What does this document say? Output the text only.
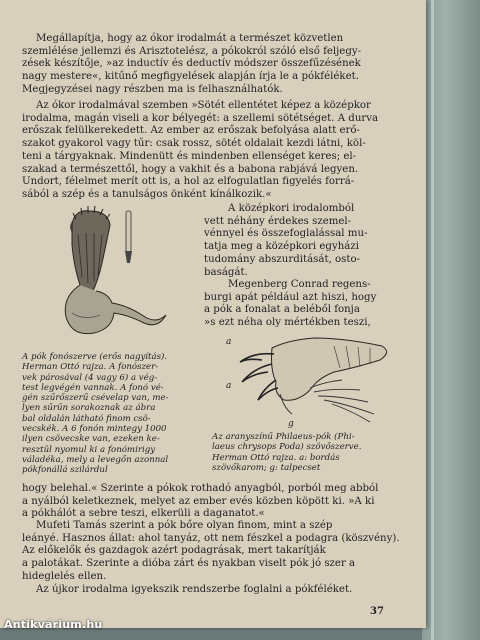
Megállapítja, hogy az ókor irodalmát a természet közvetlen
szemlélése jellemzi és Arisztotelész, a pókokról szóló első feljegy-
zések készítője, »az inductív és deductív módszer összefűzésének
nagy mestere«, kitűnő megfigyelések alapján írja le a pókféléket.
Megjegyzései nagy részben ma is felhasználhatók.
Az ókor irodalmával szemben »Sötét ellentétet képez a középkor
irodalma, magán viseli a kor bélyegét: a szellemi sötétséget. A durva
erőszak felülkerekedett. Az ember az erőszak befolyása alatt erő-
szakot gyakorol vagy tűr: csak rossz, sötét oldalait kezdi látni, köl-
teni a tárgyaknak. Mindenütt és mindenben ellenséget keres; el-
szakad a természettől, hogy a vakhit és a babona rabjává legyen.
Undort, félelmet merít ott is, a hol az elfogulatlan figyelés forrá-
sából a szép és a tanulságos önként kínálkozik.«
A középkori irodalomból
vett néhány érdekes szemel-
vénnyel és összefoglalással mu-
tatja meg a középkori egyházi
tudomány abszurditását, osto-
baságát.
Megenberg Conrad regens-
burgi apát például azt hiszi, hogy
a pók a fonalat a beléből fonja
»s ezt néha oly mértékben teszi,
A pók fonószerve (erős nagyítás).
Herman Ottó rajza. A fonószer-
vek párosával (4 vagy 6) a vég-
test legvégén vannak. A fonó vé-
gén szűrőszerű csévelap van, me-
lyen sűrűn sorakoznak az ábra
bal oldalán látható finom csö-
vecskék. A 6 fonón mintegy 1000
ilyen csövecske van, ezeken ke-
resztül nyomul ki a fonómirigy
váladéka, mely a levegőn azonnal
pókfonállá szilárdul
a
a
g
Az aranyszínű Philaeus-pók (Phi-
laeus chrysops Poda) szövőszerve.
Herman Ottó rajza. a: bordás
szövőkarom; g: talpecset
hogy belehal.« Szerinte a pókok rothadó anyagból, porból meg abból
a nyálból keletkeznek, melyet az ember evés közben köpött ki. »A ki
a pókhálót a sebre teszi, elkerüli a daganatot.«
Mufeti Tamás szerint a pók bőre olyan finom, mint a szép
leányé. Hasznos állat: ahol tanyáz, ott nem fészkel a podagra (köszvény).
Az előkelők és gazdagok azért podagrásak, mert takarítják
a palotákat. Szerinte a dióba zárt és nyakban viselt pók jó szer a
hideglelés ellen.
Az újkor irodalma igyekszik rendszerbe foglalni a pókféléket.
37
Antikvárium.hu
